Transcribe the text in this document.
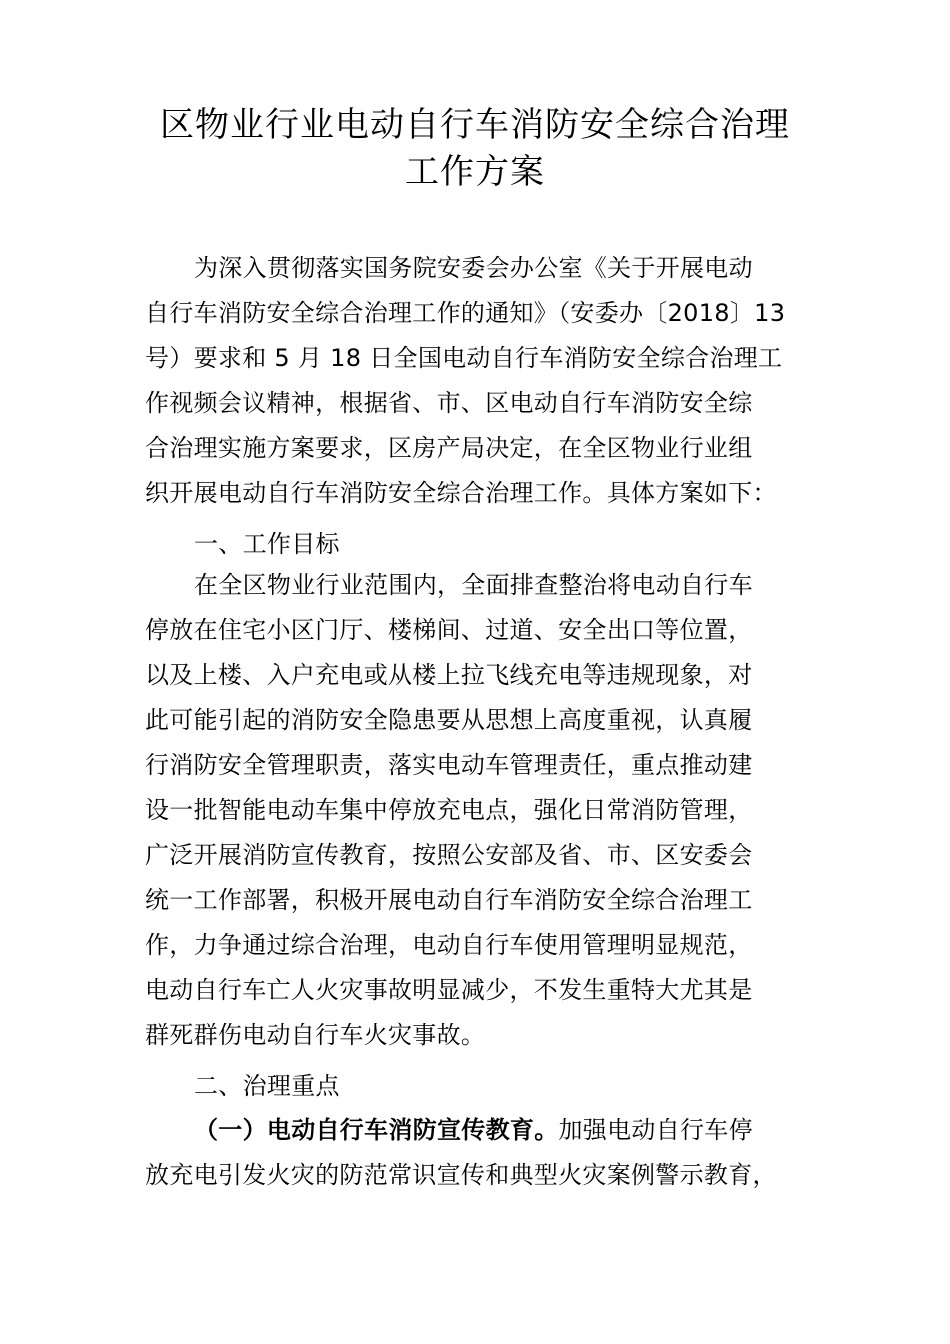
区物业行业电动自行车消防安全综合治理
工作方案
为深入贯彻落实国务院安委会办公室《关于开展电动
自行车消防安全综合治理工作的通知》（安委办〔2018〕13
号）要求和 5 月 18 日全国电动自行车消防安全综合治理工
作视频会议精神，根据省、市、区电动自行车消防安全综
合治理实施方案要求，区房产局决定，在全区物业行业组
织开展电动自行车消防安全综合治理工作。具体方案如下：
一、工作目标
在全区物业行业范围内，全面排查整治将电动自行车
停放在住宅小区门厅、楼梯间、过道、安全出口等位置，
以及上楼、入户充电或从楼上拉飞线充电等违规现象，对
此可能引起的消防安全隐患要从思想上高度重视，认真履
行消防安全管理职责，落实电动车管理责任，重点推动建
设一批智能电动车集中停放充电点，强化日常消防管理，
广泛开展消防宣传教育，按照公安部及省、市、区安委会
统一工作部署，积极开展电动自行车消防安全综合治理工
作，力争通过综合治理，电动自行车使用管理明显规范，
电动自行车亡人火灾事故明显减少，不发生重特大尤其是
群死群伤电动自行车火灾事故。
二、治理重点
（一）电动自行车消防宣传教育。加强电动自行车停
放充电引发火灾的防范常识宣传和典型火灾案例警示教育，
